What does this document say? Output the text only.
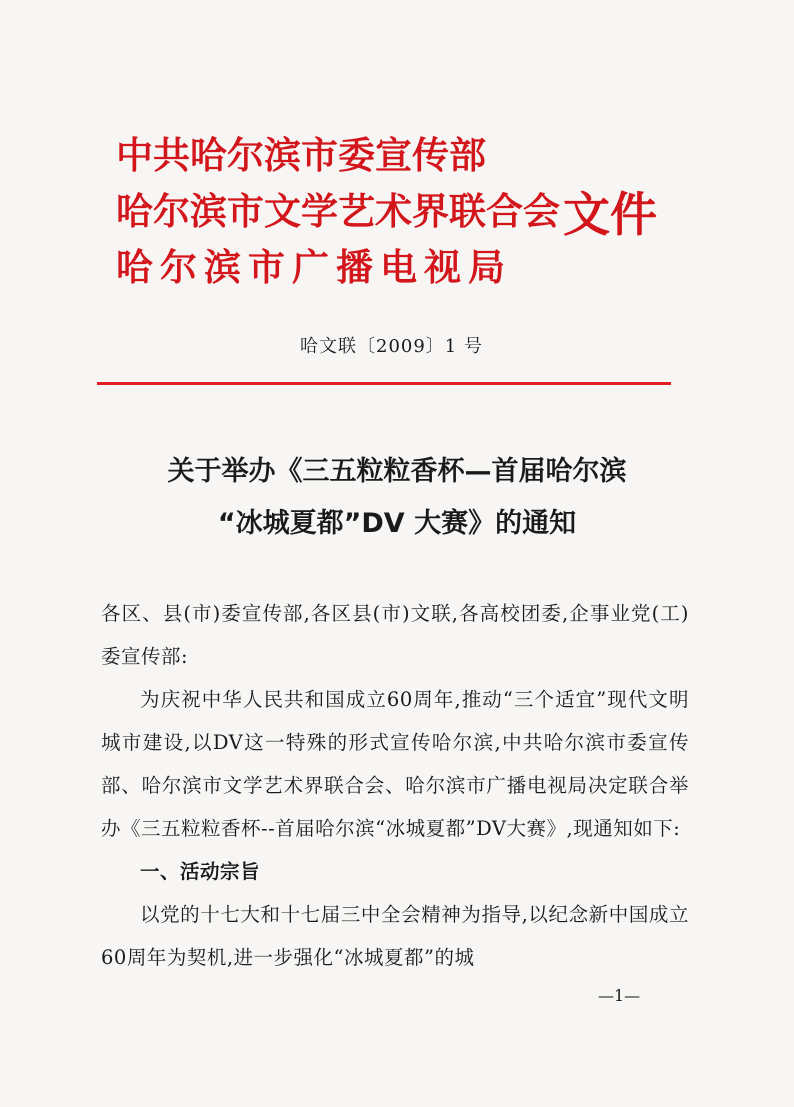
中共哈尔滨市委宣传部
哈尔滨市文学艺术界联合会
哈尔滨市广播电视局
文件
哈文联〔2009〕1 号
关于举办《三五粒粒香杯—首届哈尔滨
“冰城夏都”DV 大赛》的通知

各区、县(市)委宣传部,各区县(市)文联,各高校团委,企事业党(工)委宣传部:

为庆祝中华人民共和国成立60周年,推动“三个适宜”现代文明城市建设,以DV这一特殊的形式宣传哈尔滨,中共哈尔滨市委宣传部、哈尔滨市文学艺术界联合会、哈尔滨市广播电视局决定联合举办《三五粒粒香杯--首届哈尔滨“冰城夏都”DV大赛》,现通知如下:

一、活动宗旨

以党的十七大和十七届三中全会精神为指导,以纪念新中国成立60周年为契机,进一步强化“冰城夏都”的城

—1—
